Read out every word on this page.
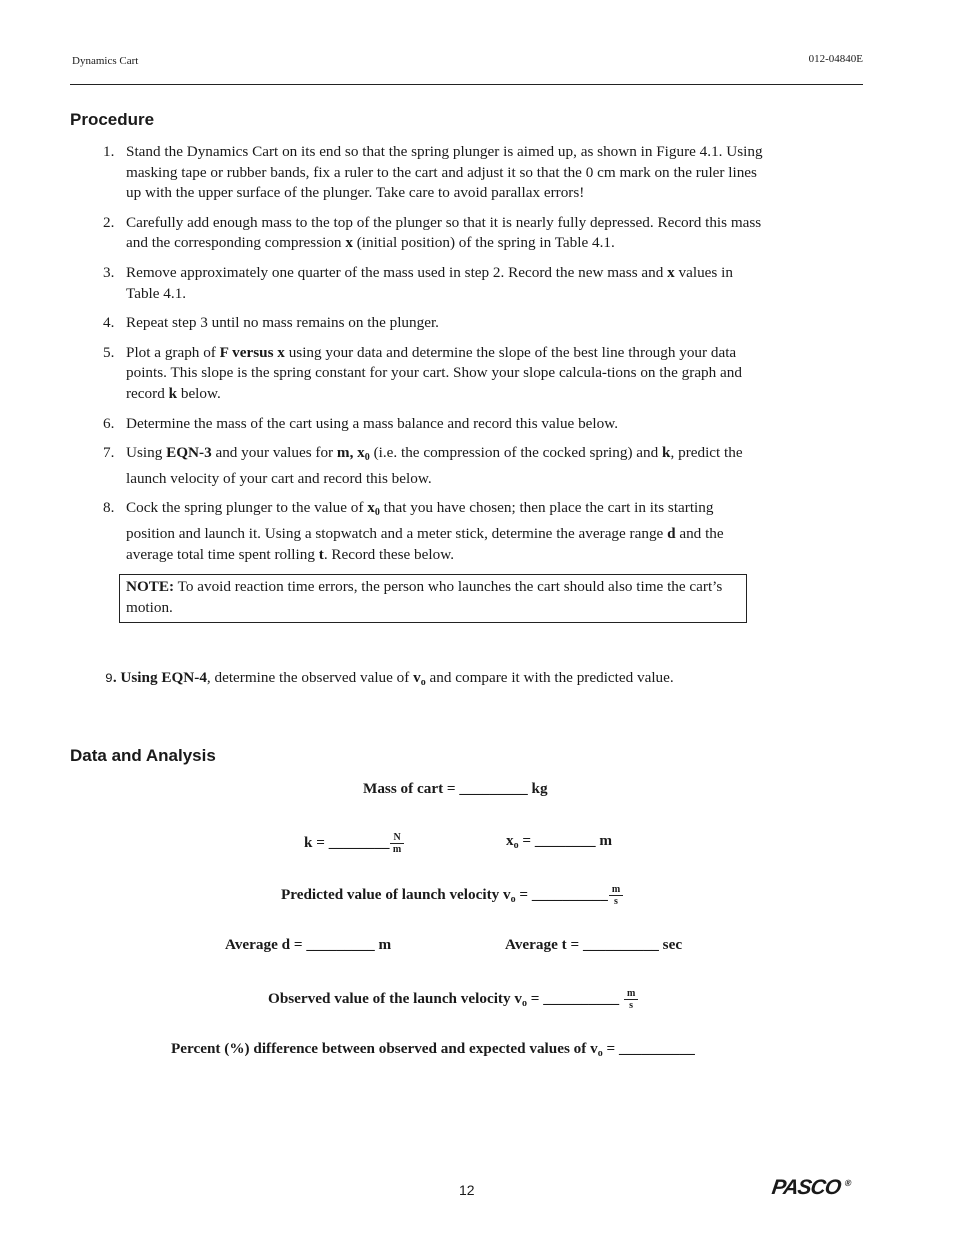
Dynamics Cart	012-04840E
Procedure
1. Stand the Dynamics Cart on its end so that the spring plunger is aimed up, as shown in Figure 4.1. Using masking tape or rubber bands, fix a ruler to the cart and adjust it so that the 0 cm mark on the ruler lines up with the upper surface of the plunger. Take care to avoid parallax errors!
2. Carefully add enough mass to the top of the plunger so that it is nearly fully depressed. Record this mass and the corresponding compression x (initial position) of the spring in Table 4.1.
3. Remove approximately one quarter of the mass used in step 2. Record the new mass and x values in Table 4.1.
4. Repeat step 3 until no mass remains on the plunger.
5. Plot a graph of F versus x using your data and determine the slope of the best line through your data points. This slope is the spring constant for your cart. Show your slope calcula-tions on the graph and record k below.
6. Determine the mass of the cart using a mass balance and record this value below.
7. Using EQN-3 and your values for m, $x_0$ (i.e. the compression of the cocked spring) and k, predict the launch velocity of your cart and record this below.
8. Cock the spring plunger to the value of $x_0$ that you have chosen; then place the cart in its starting position and launch it. Using a stopwatch and a meter stick, determine the average range d and the average total time spent rolling t. Record these below.
NOTE: To avoid reaction time errors, the person who launches the cart should also time the cart’s motion.
9. Using EQN-4, determine the observed value of $v_o$ and compare it with the predicted value.
Data and Analysis
Mass of cart = _________ kg
k = ________ $\frac{N}{m}$	$x_o$ = ________ m
Predicted value of launch velocity $v_o$ = __________ $\frac{m}{s}$
Average d = _________ m	Average t = __________ sec
Observed value of the launch velocity $v_o$ = __________ $\frac{m}{s}$
Percent (%) difference between observed and expected values of $v_o$ = __________
12	PASCO ®
